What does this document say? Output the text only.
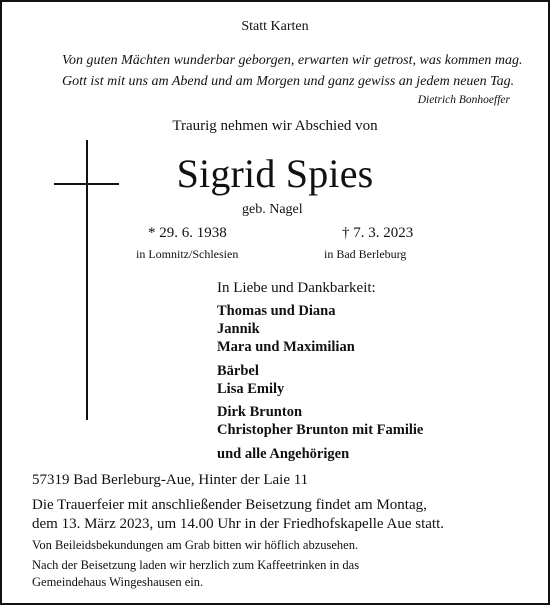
Statt Karten
Von guten Mächten wunderbar geborgen, erwarten wir getrost, was kommen mag.
Gott ist mit uns am Abend und am Morgen und ganz gewiss an jedem neuen Tag.
Dietrich Bonhoeffer
Traurig nehmen wir Abschied von
Sigrid Spies
geb. Nagel
* 29. 6. 1938
in Lomnitz/Schlesien
† 7. 3. 2023
in Bad Berleburg
In Liebe und Dankbarkeit:
Thomas und Diana
Jannik
Mara und Maximilian
Bärbel
Lisa Emily
Dirk Brunton
Christopher Brunton mit Familie
und alle Angehörigen
57319 Bad Berleburg-Aue, Hinter der Laie 11
Die Trauerfeier mit anschließender Beisetzung findet am Montag,
dem 13. März 2023, um 14.00 Uhr in der Friedhofskapelle Aue statt.
Von Beileidsbekundungen am Grab bitten wir höflich abzusehen.
Nach der Beisetzung laden wir herzlich zum Kaffeetrinken in das
Gemeindehaus Wingeshausen ein.
